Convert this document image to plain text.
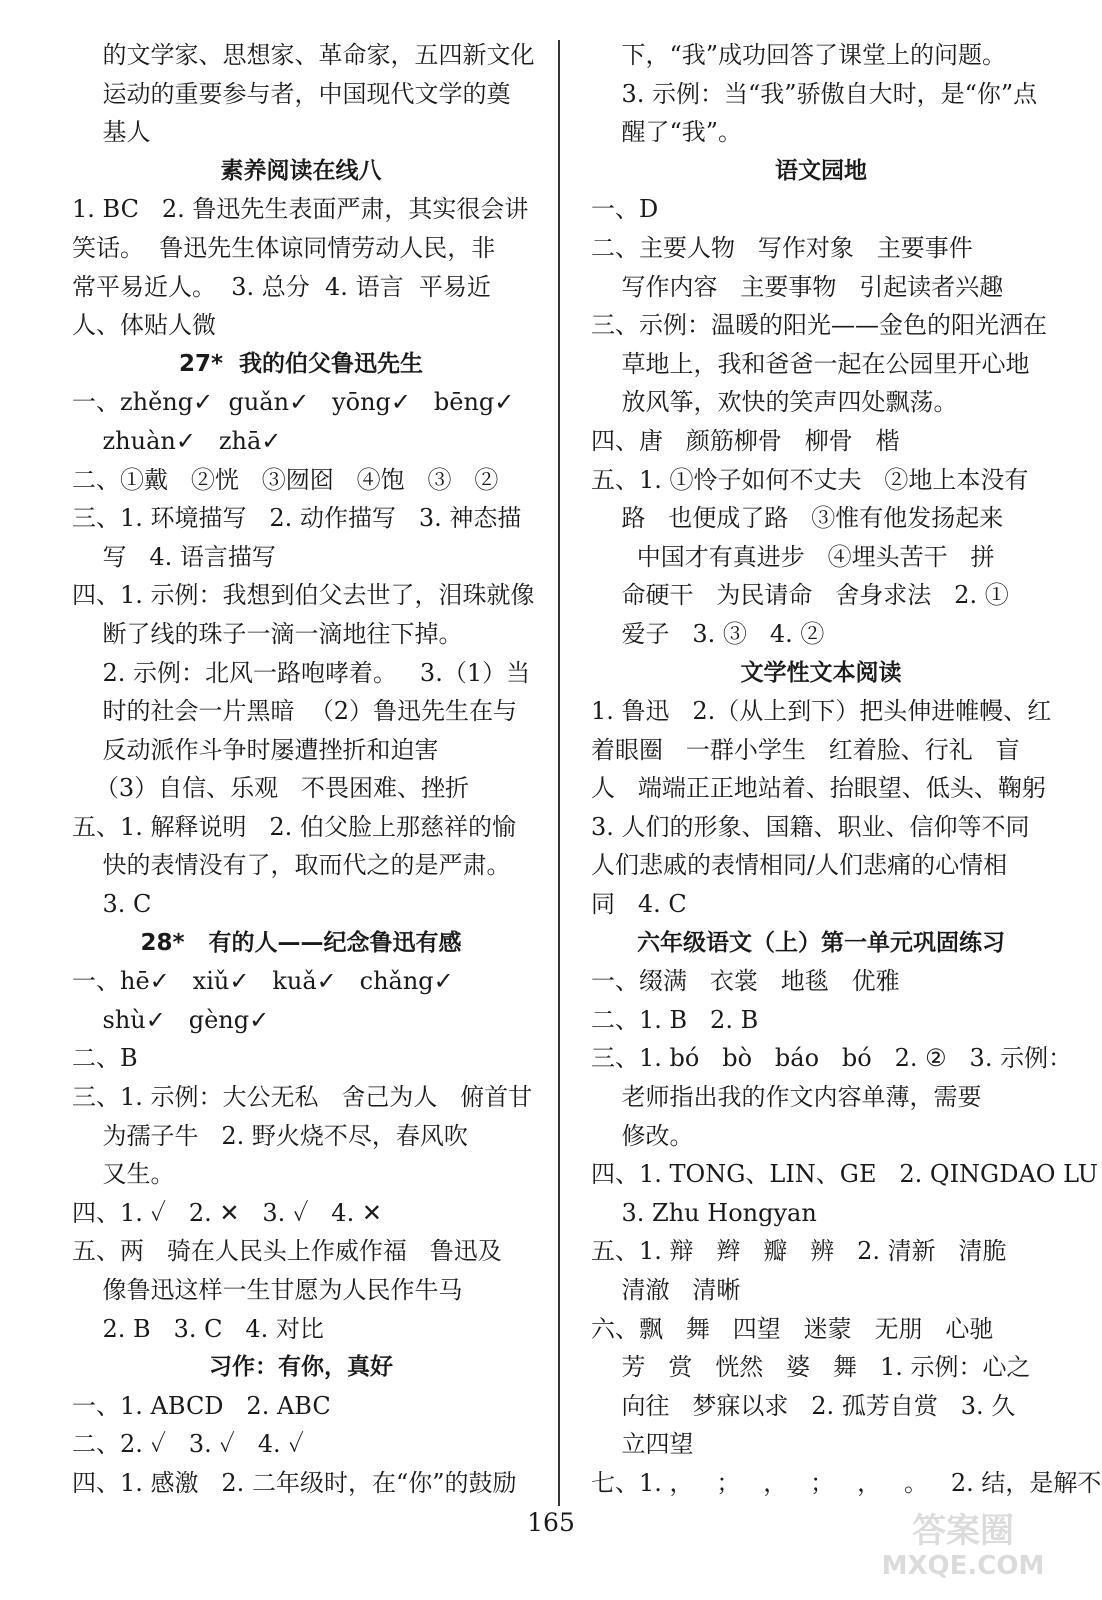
的文学家、思想家、革命家，五四新文化
运动的重要参与者，中国现代文学的奠
基人
素养阅读在线八
1. BC   2. 鲁迅先生表面严肃，其实很会讲
笑话。  鲁迅先生体谅同情劳动人民，非
常平易近人。  3. 总分  4. 语言  平易近
人、体贴人微
27*  我的伯父鲁迅先生
一、zhěng✓  guǎn✓   yōng✓   bēng✓
zhuàn✓   zhā✓
二、①戴   ②恍   ③囫囵   ④饱   ③   ②
三、1. 环境描写   2. 动作描写   3. 神态描
写   4. 语言描写
四、1. 示例：我想到伯父去世了，泪珠就像
断了线的珠子一滴一滴地往下掉。
2. 示例：北风一路咆哮着。   3.（1）当
时的社会一片黑暗  （2）鲁迅先生在与
反动派作斗争时屡遭挫折和迫害
（3）自信、乐观   不畏困难、挫折
五、1. 解释说明   2. 伯父脸上那慈祥的愉
快的表情没有了，取而代之的是严肃。
3. C
28*   有的人——纪念鲁迅有感
一、hē✓   xiǔ✓   kuǎ✓   chǎng✓
shù✓   gèng✓
二、B
三、1. 示例：大公无私   舍己为人   俯首甘
为孺子牛   2. 野火烧不尽，春风吹
又生。
四、1. ✓   2. ✕   3. ✓   4. ✕
五、两   骑在人民头上作威作福   鲁迅及
像鲁迅这样一生甘愿为人民作牛马
2. B   3. C   4. 对比
习作：有你，真好
一、1. ABCD   2. ABC
二、2. ✓   3. ✓   4. ✓
四、1. 感激   2. 二年级时，在“你”的鼓励
下，“我”成功回答了课堂上的问题。
3. 示例：当“我”骄傲自大时，是“你”点
醒了“我”。
语文园地
一、D
二、主要人物   写作对象   主要事件
写作内容   主要事物   引起读者兴趣
三、示例：温暖的阳光——金色的阳光洒在
草地上，我和爸爸一起在公园里开心地
放风筝，欢快的笑声四处飘荡。
四、唐   颜筋柳骨   柳骨   楷
五、1. ①怜子如何不丈夫   ②地上本没有
路   也便成了路   ③惟有他发扬起来
中国才有真进步   ④埋头苦干   拼
命硬干   为民请命   舍身求法   2. ①
爱子   3. ③   4. ②
文学性文本阅读
1. 鲁迅   2.（从上到下）把头伸进帷幔、红
着眼圈   一群小学生   红着脸、行礼   盲
人   端端正正地站着、抬眼望、低头、鞠躬
3. 人们的形象、国籍、职业、信仰等不同
人们悲戚的表情相同/人们悲痛的心情相
同   4. C
六年级语文（上）第一单元巩固练习
一、缀满   衣裳   地毯   优雅
二、1. B   2. B
三、1. bó   bò   báo   bó   2. ②   3. 示例：
老师指出我的作文内容单薄，需要
修改。
四、1. TONG、LIN、GE   2. QINGDAO LU
3. Zhu Hongyan
五、1. 辩   辫   瓣   辨   2. 清新   清脆
清澈   清晰
六、飘   舞   四望   迷蒙   无朋   心驰
芳   赏   恍然   婆   舞   1. 示例：心之
向往   梦寐以求   2. 孤芳自赏   3. 久
立四望
七、1. ，   ；   ，   ；   ，   。   2. 结，是解不
165	答案圈
MXQE.COM
